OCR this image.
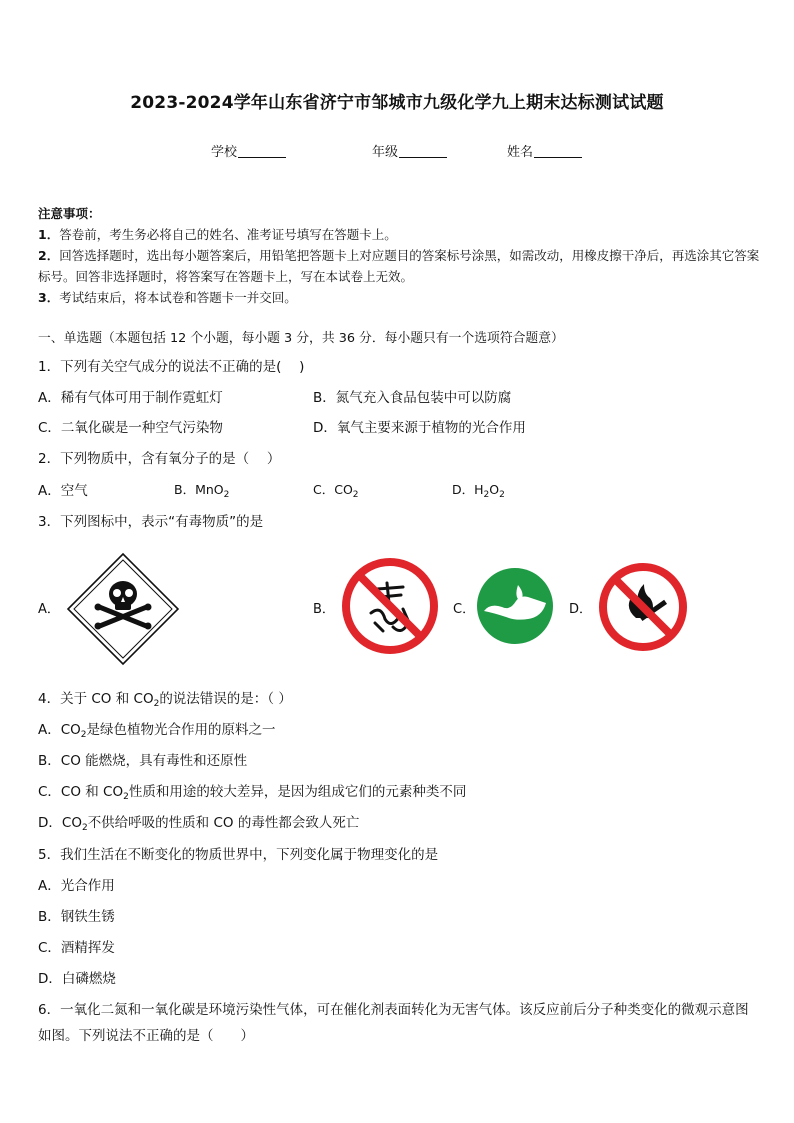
2023-2024学年山东省济宁市邹城市九级化学九上期末达标测试试题
学校	年级	姓名
注意事项：
1．答卷前，考生务必将自己的姓名、准考证号填写在答题卡上。
2．回答选择题时，选出每小题答案后，用铅笔把答题卡上对应题目的答案标号涂黑，如需改动，用橡皮擦干净后，再选涂其它答案标号。回答非选择题时，将答案写在答题卡上，写在本试卷上无效。
3．考试结束后，将本试卷和答题卡一并交回。
一、单选题（本题包括 12 个小题，每小题 3 分，共 36 分．每小题只有一个选项符合题意）
1．下列有关空气成分的说法不正确的是(　 )
A．稀有气体可用于制作霓虹灯	B．氮气充入食品包装中可以防腐
C．二氧化碳是一种空气污染物	D．氧气主要来源于植物的光合作用
2．下列物质中，含有氧分子的是（　 ）
A．空气	B．MnO$_2$	C．$CO_2$	D．$H_2O_2$
3．下列图标中，表示“有毒物质”的是
A．	B．	C．	D．
4．关于 CO 和 $CO_2$的说法错误的是：（ ）
A．$CO_2$是绿色植物光合作用的原料之一
B．CO 能燃烧，具有毒性和还原性
C．CO 和 $CO_2$性质和用途的较大差异，是因为组成它们的元素种类不同
D．$CO_2$不供给呼吸的性质和 CO 的毒性都会致人死亡
5．我们生活在不断变化的物质世界中，下列变化属于物理变化的是
A．光合作用
B．钢铁生锈
C．酒精挥发
D．白磷燃烧
6．一氧化二氮和一氧化碳是环境污染性气体，可在催化剂表面转化为无害气体。该反应前后分子种类变化的微观示意图如图。下列说法不正确的是（　　）
